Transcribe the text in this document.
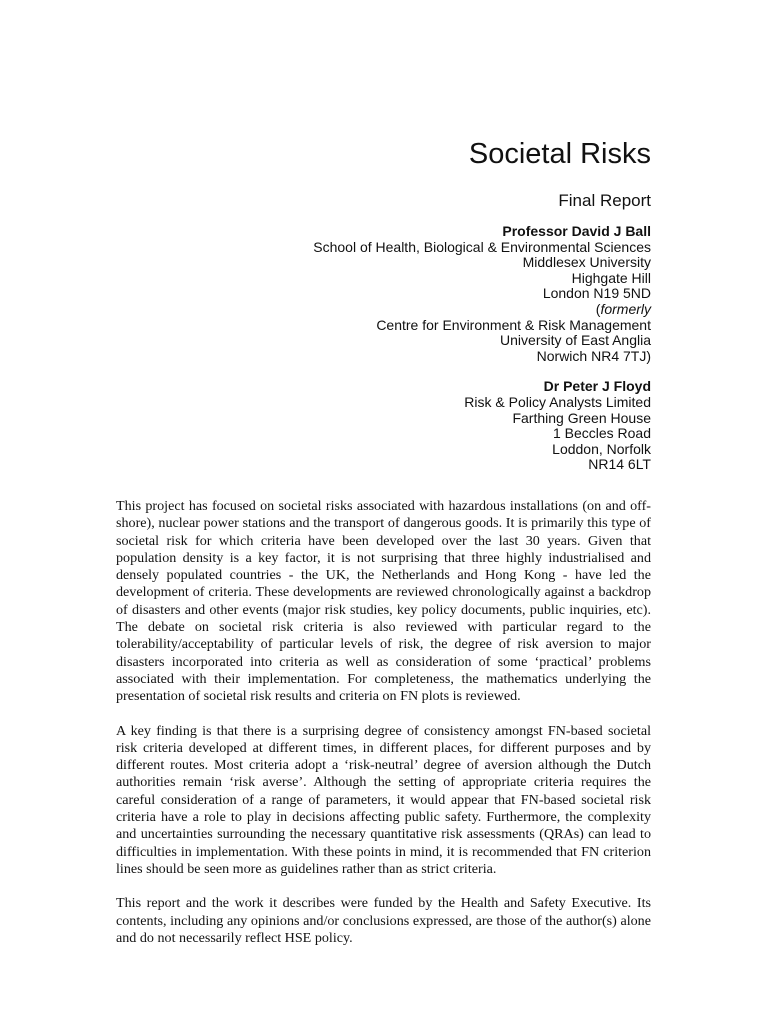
Societal Risks
Final Report
Professor David J Ball
School of Health, Biological & Environmental Sciences
Middlesex University
Highgate Hill
London N19 5ND
(formerly
Centre for Environment & Risk Management
University of East Anglia
Norwich NR4 7TJ)
Dr Peter J Floyd
Risk & Policy Analysts Limited
Farthing Green House
1 Beccles Road
Loddon, Norfolk
NR14 6LT

This project has focused on societal risks associated with hazardous installations (on and off-shore), nuclear power stations and the transport of dangerous goods. It is primarily this type of societal risk for which criteria have been developed over the last 30 years. Given that population density is a key factor, it is not surprising that three highly industrialised and densely populated countries - the UK, the Netherlands and Hong Kong - have led the development of criteria. These developments are reviewed chronologically against a backdrop of disasters and other events (major risk studies, key policy documents, public inquiries, etc). The debate on societal risk criteria is also reviewed with particular regard to the tolerability/acceptability of particular levels of risk, the degree of risk aversion to major disasters incorporated into criteria as well as consideration of some ‘practical’ problems associated with their implementation. For completeness, the mathematics underlying the presentation of societal risk results and criteria on FN plots is reviewed.

A key finding is that there is a surprising degree of consistency amongst FN-based societal risk criteria developed at different times, in different places, for different purposes and by different routes. Most criteria adopt a ‘risk-neutral’ degree of aversion although the Dutch authorities remain ‘risk averse’. Although the setting of appropriate criteria requires the careful consideration of a range of parameters, it would appear that FN-based societal risk criteria have a role to play in decisions affecting public safety. Furthermore, the complexity and uncertainties surrounding the necessary quantitative risk assessments (QRAs) can lead to difficulties in implementation. With these points in mind, it is recommended that FN criterion lines should be seen more as guidelines rather than as strict criteria.

This report and the work it describes were funded by the Health and Safety Executive. Its contents, including any opinions and/or conclusions expressed, are those of the author(s) alone and do not necessarily reflect HSE policy.
